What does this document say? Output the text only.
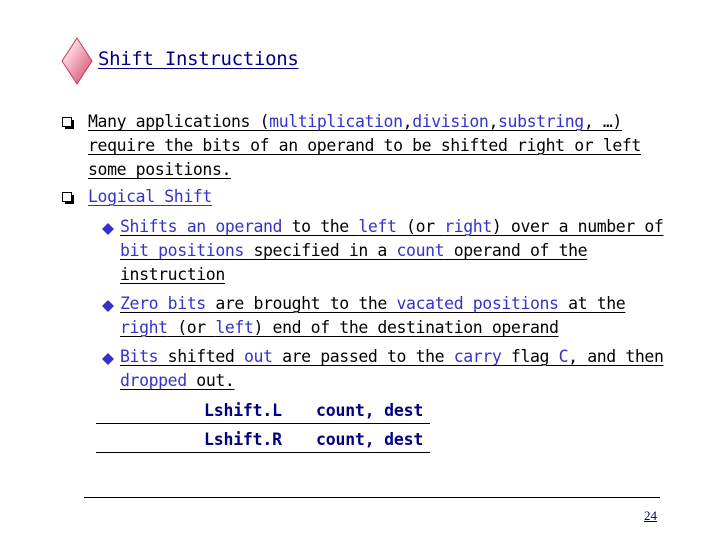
Shift Instructions
Many applications (multiplication,division,substring, …)
require the bits of an operand to be shifted right or left
some positions.
Logical Shift
Shifts an operand to the left (or right) over a number of
bit positions specified in a count operand of the
instruction
Zero bits are brought to the vacated positions at the
right (or left) end of the destination operand
Bits shifted out are passed to the carry flag C, and then
dropped out.
Lshift.L count, dest
Lshift.R count, dest
24
